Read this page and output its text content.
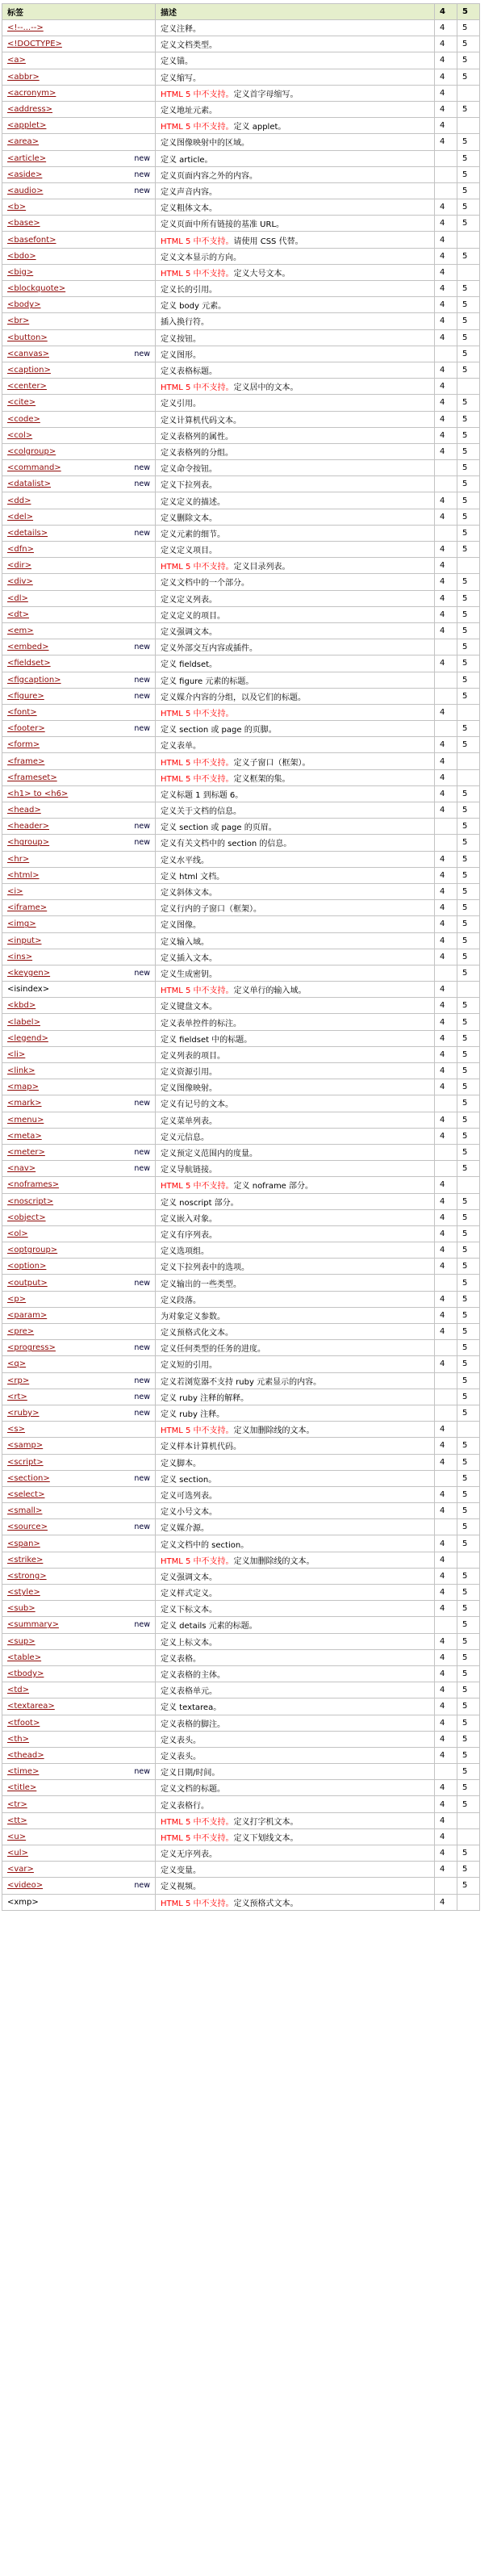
标签	描述	4	5
<!--...-->	定义注释。	4	5
<!DOCTYPE>	定义文档类型。	4	5
<a>	定义锚。	4	5
<abbr>	定义缩写。	4	5
<acronym>	HTML 5 中不支持。定义首字母缩写。	4	
<address>	定义地址元素。	4	5
<applet>	HTML 5 中不支持。定义 applet。	4	
<area>	定义图像映射中的区域。	4	5
<article> new	定义 article。		5
<aside> new	定义页面内容之外的内容。		5
<audio> new	定义声音内容。		5
<b>	定义粗体文本。	4	5
<base>	定义页面中所有链接的基准 URL。	4	5
<basefont>	HTML 5 中不支持。请使用 CSS 代替。	4	
<bdo>	定义文本显示的方向。	4	5
<big>	HTML 5 中不支持。定义大号文本。	4	
<blockquote>	定义长的引用。	4	5
<body>	定义 body 元素。	4	5
<br>	插入换行符。	4	5
<button>	定义按钮。	4	5
<canvas> new	定义图形。		5
<caption>	定义表格标题。	4	5
<center>	HTML 5 中不支持。定义居中的文本。	4	
<cite>	定义引用。	4	5
<code>	定义计算机代码文本。	4	5
<col>	定义表格列的属性。	4	5
<colgroup>	定义表格列的分组。	4	5
<command> new	定义命令按钮。		5
<datalist> new	定义下拉列表。		5
<dd>	定义定义的描述。	4	5
<del>	定义删除文本。	4	5
<details> new	定义元素的细节。		5
<dfn>	定义定义项目。	4	5
<dir>	HTML 5 中不支持。定义目录列表。	4	
<div>	定义文档中的一个部分。	4	5
<dl>	定义定义列表。	4	5
<dt>	定义定义的项目。	4	5
<em>	定义强调文本。	4	5
<embed> new	定义外部交互内容或插件。		5
<fieldset>	定义 fieldset。	4	5
<figcaption> new	定义 figure 元素的标题。		5
<figure> new	定义媒介内容的分组，以及它们的标题。		5
<font>	HTML 5 中不支持。	4	
<footer> new	定义 section 或 page 的页脚。		5
<form>	定义表单。	4	5
<frame>	HTML 5 中不支持。定义子窗口（框架）。	4	
<frameset>	HTML 5 中不支持。定义框架的集。	4	
<h1> to <h6>	定义标题 1 到标题 6。	4	5
<head>	定义关于文档的信息。	4	5
<header> new	定义 section 或 page 的页眉。		5
<hgroup> new	定义有关文档中的 section 的信息。		5
<hr>	定义水平线。	4	5
<html>	定义 html 文档。	4	5
<i>	定义斜体文本。	4	5
<iframe>	定义行内的子窗口（框架）。	4	5
<img>	定义图像。	4	5
<input>	定义输入域。	4	5
<ins>	定义插入文本。	4	5
<keygen> new	定义生成密钥。		5
<isindex>	HTML 5 中不支持。定义单行的输入域。	4	
<kbd>	定义键盘文本。	4	5
<label>	定义表单控件的标注。	4	5
<legend>	定义 fieldset 中的标题。	4	5
<li>	定义列表的项目。	4	5
<link>	定义资源引用。	4	5
<map>	定义图像映射。	4	5
<mark> new	定义有记号的文本。		5
<menu>	定义菜单列表。	4	5
<meta>	定义元信息。	4	5
<meter> new	定义预定义范围内的度量。		5
<nav> new	定义导航链接。		5
<noframes>	HTML 5 中不支持。定义 noframe 部分。	4	
<noscript>	定义 noscript 部分。	4	5
<object>	定义嵌入对象。	4	5
<ol>	定义有序列表。	4	5
<optgroup>	定义选项组。	4	5
<option>	定义下拉列表中的选项。	4	5
<output> new	定义输出的一些类型。		5
<p>	定义段落。	4	5
<param>	为对象定义参数。	4	5
<pre>	定义预格式化文本。	4	5
<progress> new	定义任何类型的任务的进度。		5
<q>	定义短的引用。	4	5
<rp> new	定义若浏览器不支持 ruby 元素显示的内容。		5
<rt> new	定义 ruby 注释的解释。		5
<ruby> new	定义 ruby 注释。		5
<s>	HTML 5 中不支持。定义加删除线的文本。	4	
<samp>	定义样本计算机代码。	4	5
<script>	定义脚本。	4	5
<section> new	定义 section。		5
<select>	定义可选列表。	4	5
<small>	定义小号文本。	4	5
<source> new	定义媒介源。		5
<span>	定义文档中的 section。	4	5
<strike>	HTML 5 中不支持。定义加删除线的文本。	4	
<strong>	定义强调文本。	4	5
<style>	定义样式定义。	4	5
<sub>	定义下标文本。	4	5
<summary> new	定义 details 元素的标题。		5
<sup>	定义上标文本。	4	5
<table>	定义表格。	4	5
<tbody>	定义表格的主体。	4	5
<td>	定义表格单元。	4	5
<textarea>	定义 textarea。	4	5
<tfoot>	定义表格的脚注。	4	5
<th>	定义表头。	4	5
<thead>	定义表头。	4	5
<time> new	定义日期/时间。		5
<title>	定义文档的标题。	4	5
<tr>	定义表格行。	4	5
<tt>	HTML 5 中不支持。定义打字机文本。	4	
<u>	HTML 5 中不支持。定义下划线文本。	4	
<ul>	定义无序列表。	4	5
<var>	定义变量。	4	5
<video> new	定义视频。		5
<xmp>	HTML 5 中不支持。定义预格式文本。	4	
